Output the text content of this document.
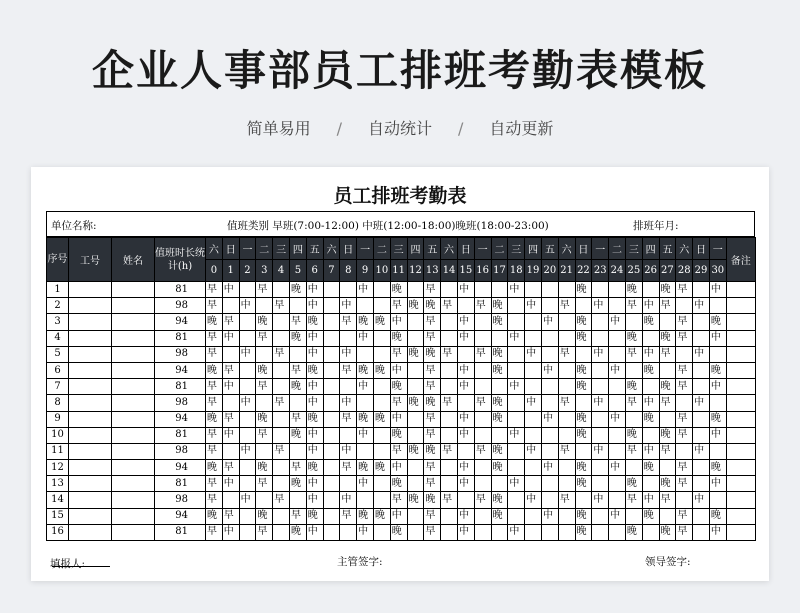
企业人事部员工排班考勤表模板
简单易用 / 自动统计 / 自动更新
员工排班考勤表
单位名称:	值班类别 早班(7:00-12:00) 中班(12:00-18:00)晚班(18:00-23:00)	排班年月:
序号	工号	姓名	值班时长统计(h)	六	日	一	二	三	四	五	六	日	一	二	三	四	五	六	日	一	二	三	四	五	六	日	一	二	三	四	五	六	日	一	备注
				0	1	2	3	4	5	6	7	8	9	10	11	12	13	14	15	16	17	18	19	20	21	22	23	24	25	26	27	28	29	30	
1			81	早	中		早		晚	中			中		晚		早		中			中				晚			晚		晚	早		中	
2			98	早		中		早		中		中			早	晚	晚	早		早	晚		中		早		中		早	中	早		中		
3			94	晚	早		晚		早	晚		早	晚	晚	中		早		中		晚			中		晚		中		晚		早		晚	
4			81	早	中		早		晚	中			中		晚		早		中			中				晚			晚		晚	早		中	
5			98	早		中		早		中		中			早	晚	晚	早		早	晚		中		早		中		早	中	早		中		
6			94	晚	早		晚		早	晚		早	晚	晚	中		早		中		晚			中		晚		中		晚		早		晚	
7			81	早	中		早		晚	中			中		晚		早		中			中				晚			晚		晚	早		中	
8			98	早		中		早		中		中			早	晚	晚	早		早	晚		中		早		中		早	中	早		中		
9			94	晚	早		晚		早	晚		早	晚	晚	中		早		中		晚			中		晚		中		晚		早		晚	
10			81	早	中		早		晚	中			中		晚		早		中			中				晚			晚		晚	早		中	
11			98	早		中		早		中		中			早	晚	晚	早		早	晚		中		早		中		早	中	早		中		
12			94	晚	早		晚		早	晚		早	晚	晚	中		早		中		晚			中		晚		中		晚		早		晚	
13			81	早	中		早		晚	中			中		晚		早		中			中				晚			晚		晚	早		中	
14			98	早		中		早		中		中			早	晚	晚	早		早	晚		中		早		中		早	中	早		中		
15			94	晚	早		晚		早	晚		早	晚	晚	中		早		中		晚			中		晚		中		晚		早		晚	
16			81	早	中		早		晚	中			中		晚		早		中			中				晚			晚		晚	早		中	
填报人:	主管签字:	领导签字:
